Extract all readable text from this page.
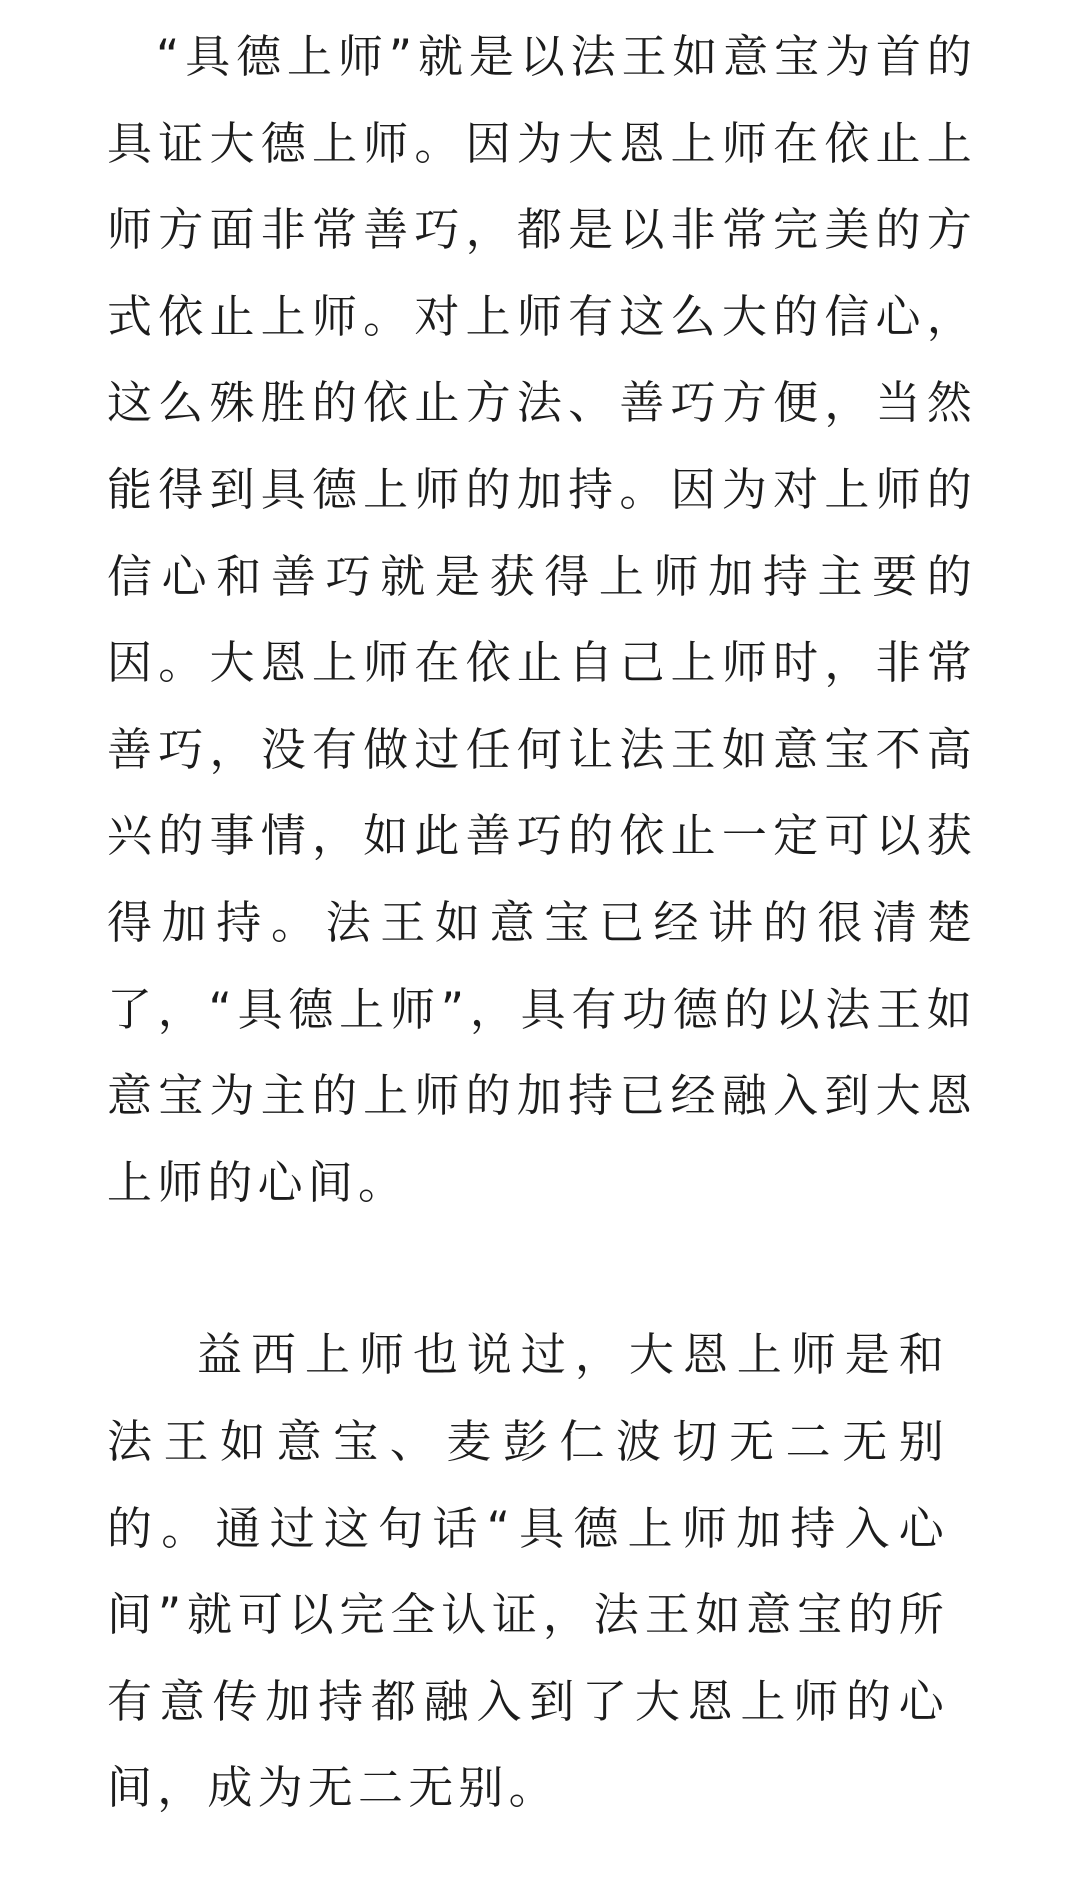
“具德上师”就是以法王如意宝为首的具证大德上师。因为大恩上师在依止上师方面非常善巧，都是以非常完美的方式依止上师。对上师有这么大的信心，这么殊胜的依止方法、善巧方便，当然能得到具德上师的加持。因为对上师的信心和善巧就是获得上师加持主要的因。大恩上师在依止自己上师时，非常善巧，没有做过任何让法王如意宝不高兴的事情，如此善巧的依止一定可以获得加持。法王如意宝已经讲的很清楚了，“具德上师”，具有功德的以法王如意宝为主的上师的加持已经融入到大恩上师的心间。

益西上师也说过，大恩上师是和法王如意宝、麦彭仁波切无二无别的。通过这句话“具德上师加持入心间”就可以完全认证，法王如意宝的所有意传加持都融入到了大恩上师的心间，成为无二无别。
